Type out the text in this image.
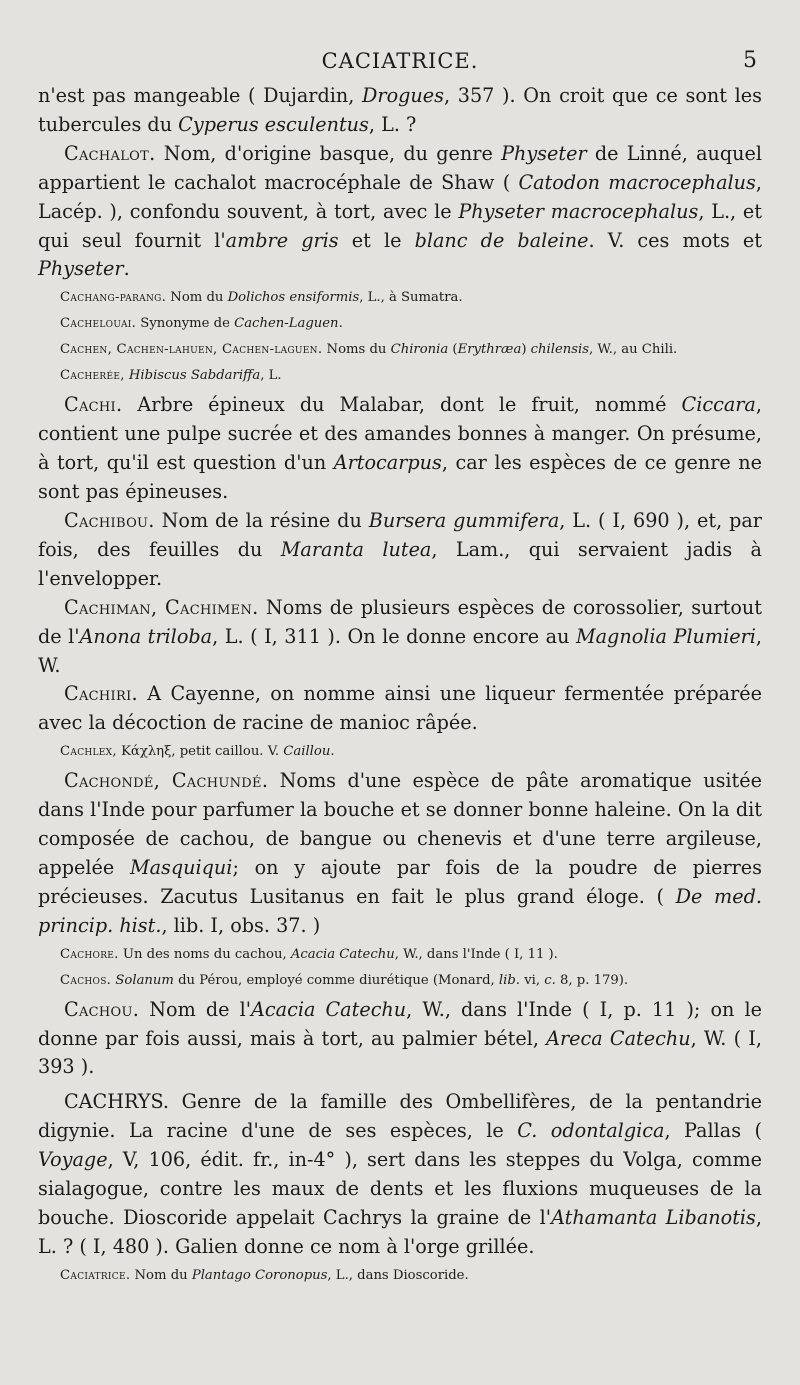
CACIATRICE.	5

n'est pas mangeable ( Dujardin, Drogues, 357 ). On croit que ce sont les tubercules du Cyperus esculentus, L. ?

Cachalot. Nom, d'origine basque, du genre Physeter de Linné, auquel appartient le cachalot macrocéphale de Shaw ( Catodon macrocephalus, Lacép. ), confondu souvent, à tort, avec le Physeter macrocephalus, L., et qui seul fournit l'ambre gris et le blanc de baleine. V. ces mots et Physeter.

Cachang-parang. Nom du Dolichos ensiformis, L., à Sumatra.

Cachelouai. Synonyme de Cachen-Laguen.

Cachen, Cachen-lahuen, Cachen-laguen. Noms du Chironia (Erythræa) chilensis, W., au Chili.

Cacherée, Hibiscus Sabdariffa, L.

Cachi. Arbre épineux du Malabar, dont le fruit, nommé Ciccara, contient une pulpe sucrée et des amandes bonnes à manger. On présume, à tort, qu'il est question d'un Artocarpus, car les espèces de ce genre ne sont pas épineuses.

Cachibou. Nom de la résine du Bursera gummifera, L. ( I, 690 ), et, par fois, des feuilles du Maranta lutea, Lam., qui servaient jadis à l'envelopper.

Cachiman, Cachimen. Noms de plusieurs espèces de corossolier, surtout de l'Anona triloba, L. ( I, 311 ). On le donne encore au Magnolia Plumieri, W.

Cachiri. A Cayenne, on nomme ainsi une liqueur fermentée préparée avec la décoction de racine de manioc râpée.

Cachlex, Κάχληξ, petit caillou. V. Caillou.

Cachondé, Cachundé. Noms d'une espèce de pâte aromatique usitée dans l'Inde pour parfumer la bouche et se donner bonne haleine. On la dit composée de cachou, de bangue ou chenevis et d'une terre argileuse, appelée Masquiqui; on y ajoute par fois de la poudre de pierres précieuses. Zacutus Lusitanus en fait le plus grand éloge. ( De med. princip. hist., lib. I, obs. 37. )

Cachore. Un des noms du cachou, Acacia Catechu, W., dans l'Inde ( I, 11 ).

Cachos. Solanum du Pérou, employé comme diurétique (Monard, lib. vi, c. 8, p. 179).

Cachou. Nom de l'Acacia Catechu, W., dans l'Inde ( I, p. 11 ); on le donne par fois aussi, mais à tort, au palmier bétel, Areca Catechu, W. ( I, 393 ).

CACHRYS. Genre de la famille des Ombellifères, de la pentandrie digynie. La racine d'une de ses espèces, le C. odontalgica, Pallas ( Voyage, V, 106, édit. fr., in-4° ), sert dans les steppes du Volga, comme sialagogue, contre les maux de dents et les fluxions muqueuses de la bouche. Dioscoride appelait Cachrys la graine de l'Athamanta Libanotis, L. ? ( I, 480 ). Galien donne ce nom à l'orge grillée.

Caciatrice. Nom du Plantago Coronopus, L., dans Dioscoride.
